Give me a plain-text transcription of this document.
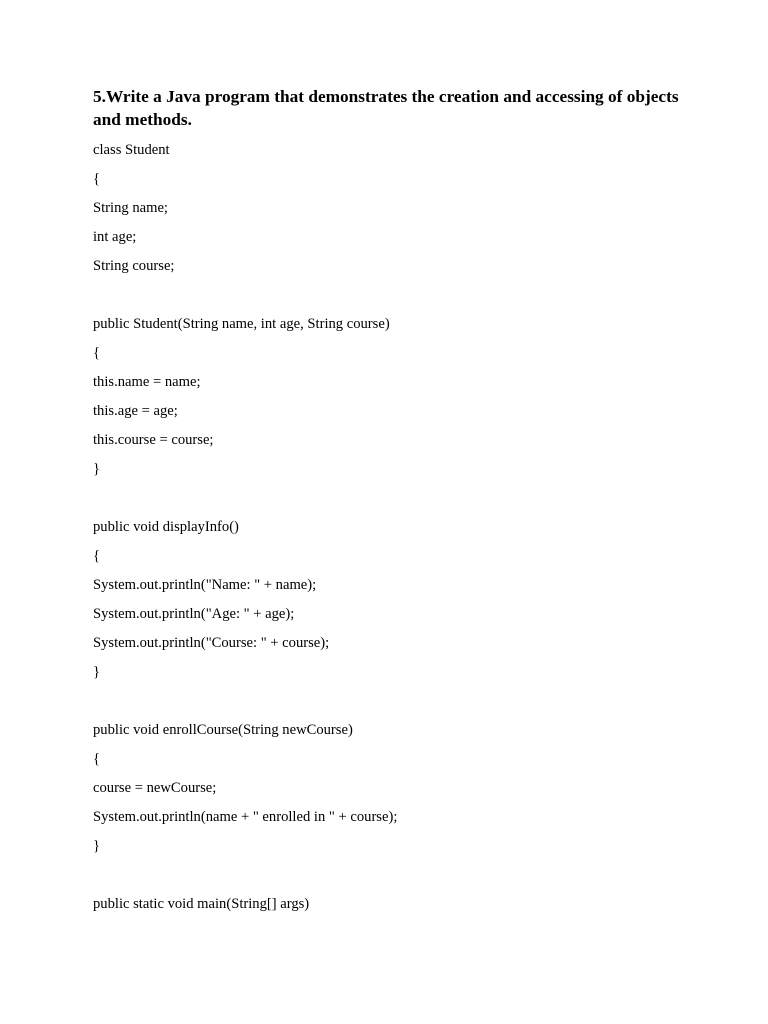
5.Write a Java program that demonstrates the creation and accessing of objects and methods.

class Student

{

String name;

int age;

String course;

public Student(String name, int age, String course)

{

this.name = name;

this.age = age;

this.course = course;

}

public void displayInfo()

{

System.out.println("Name: " + name);

System.out.println("Age: " + age);

System.out.println("Course: " + course);

}

public void enrollCourse(String newCourse)

{

course = newCourse;

System.out.println(name + " enrolled in " + course);

}

public static void main(String[] args)
